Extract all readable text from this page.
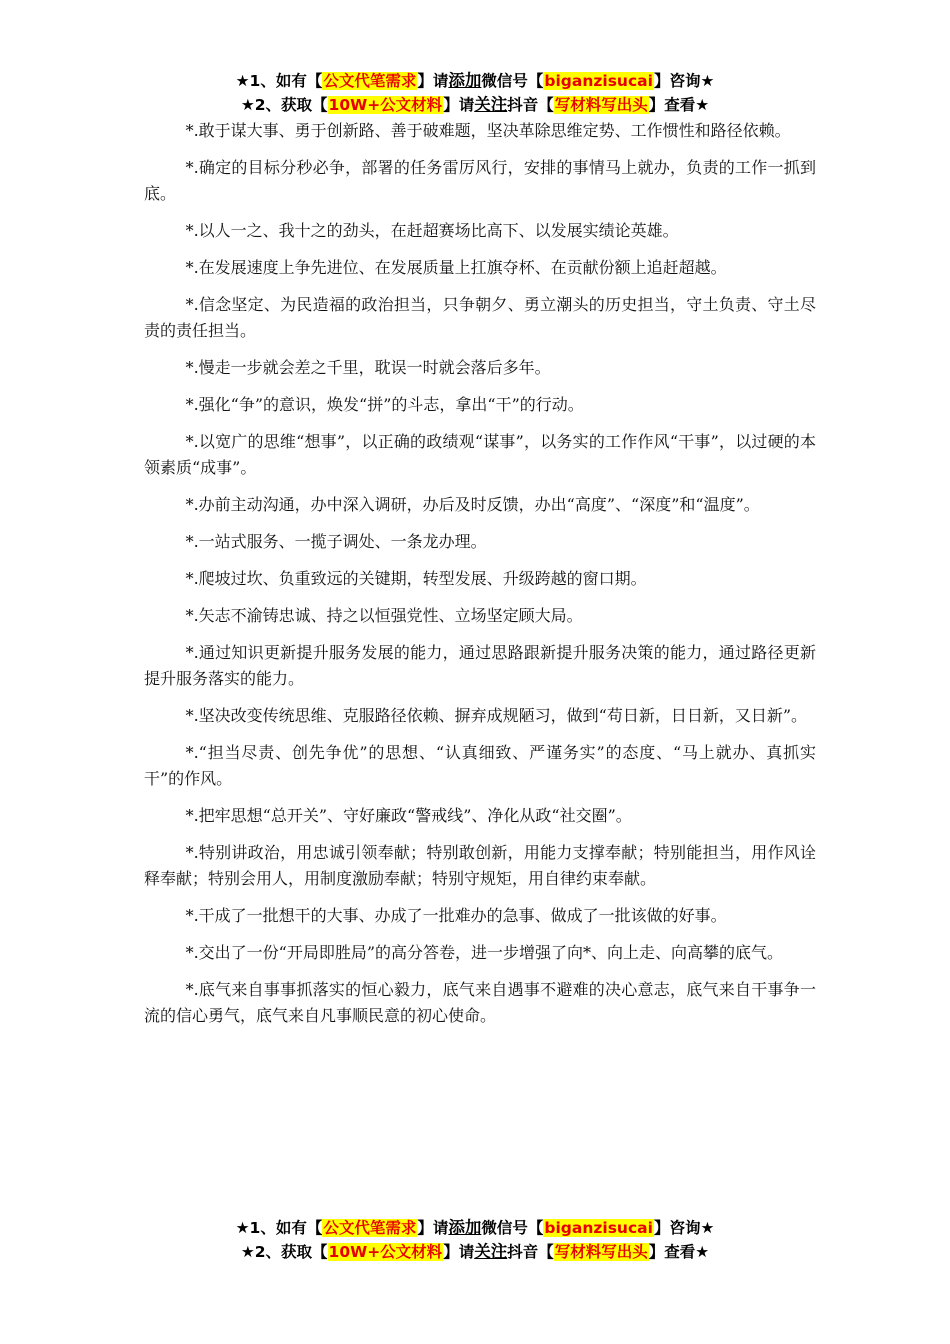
★1、如有【公文代笔需求】请添加微信号【biganzisucai】咨询★
★2、获取【10W+公文材料】请关注抖音【写材料写出头】查看★

*.敢于谋大事、勇于创新路、善于破难题，坚决革除思维定势、工作惯性和路径依赖。

*.确定的目标分秒必争，部署的任务雷厉风行，安排的事情马上就办，负责的工作一抓到底。

*.以人一之、我十之的劲头，在赶超赛场比高下、以发展实绩论英雄。

*.在发展速度上争先进位、在发展质量上扛旗夺杯、在贡献份额上追赶超越。

*.信念坚定、为民造福的政治担当，只争朝夕、勇立潮头的历史担当，守土负责、守土尽责的责任担当。

*.慢走一步就会差之千里，耽误一时就会落后多年。

*.强化“争”的意识，焕发“拼”的斗志，拿出“干”的行动。

*.以宽广的思维“想事”，以正确的政绩观“谋事”，以务实的工作作风“干事”，以过硬的本领素质“成事”。

*.办前主动沟通，办中深入调研，办后及时反馈，办出“高度”、“深度”和“温度”。

*.一站式服务、一揽子调处、一条龙办理。

*.爬坡过坎、负重致远的关键期，转型发展、升级跨越的窗口期。

*.矢志不渝铸忠诚、持之以恒强党性、立场坚定顾大局。

*.通过知识更新提升服务发展的能力，通过思路跟新提升服务决策的能力，通过路径更新提升服务落实的能力。

*.坚决改变传统思维、克服路径依赖、摒弃成规陋习，做到“苟日新，日日新，又日新”。

*.“担当尽责、创先争优”的思想、“认真细致、严谨务实”的态度、“马上就办、真抓实干”的作风。

*.把牢思想“总开关”、守好廉政“警戒线”、净化从政“社交圈”。

*.特别讲政治，用忠诚引领奉献；特别敢创新，用能力支撑奉献；特别能担当，用作风诠释奉献；特别会用人，用制度激励奉献；特别守规矩，用自律约束奉献。

*.干成了一批想干的大事、办成了一批难办的急事、做成了一批该做的好事。

*.交出了一份“开局即胜局”的高分答卷，进一步增强了向*、向上走、向高攀的底气。

*.底气来自事事抓落实的恒心毅力，底气来自遇事不避难的决心意志，底气来自干事争一流的信心勇气，底气来自凡事顺民意的初心使命。

★1、如有【公文代笔需求】请添加微信号【biganzisucai】咨询★
★2、获取【10W+公文材料】请关注抖音【写材料写出头】查看★
